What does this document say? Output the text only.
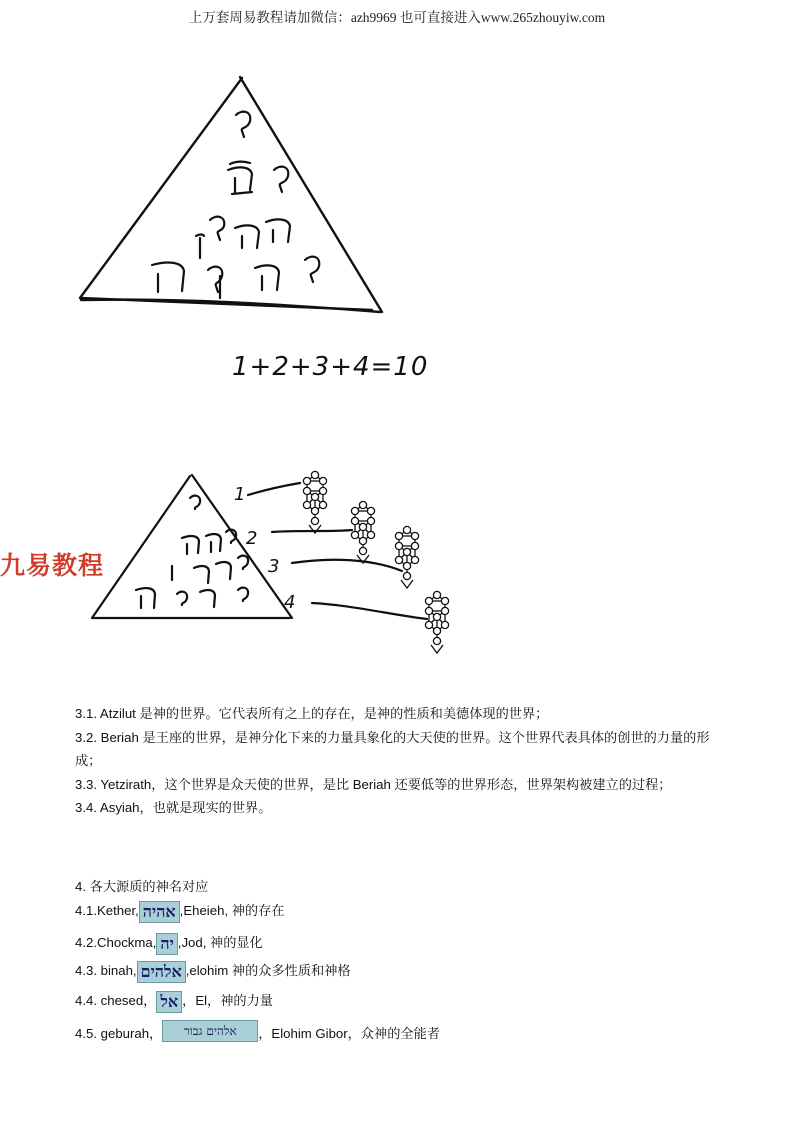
上万套周易教程请加微信：azh9969 也可直接进入www.265zhouyiw.com
1+2+3+4=10
1
2
3
4
九易教程

3.1. Atzilut 是神的世界。它代表所有之上的存在，是神的性质和美德体现的世界；

3.2. Beriah 是王座的世界，是神分化下来的力量具象化的大天使的世界。这个世界代表具体的创世的力量的形成；

3.3. Yetzirath，这个世界是众天使的世界，是比 Beriah 还要低等的世界形态，世界架构被建立的过程；

3.4. Asyiah，也就是现实的世界。

4. 各大源质的神名对应
4.1.Kether, אהיה ,Eheieh, 神的存在
4.2.Chockma, יה ,Jod, 神的显化
4.3. binah, אלהים ,elohim 神的众多性质和神格
4.4. chesed， אל ，El，神的力量
4.5. geburah， אלהים גבור ，Elohim Gibor，众神的全能者
